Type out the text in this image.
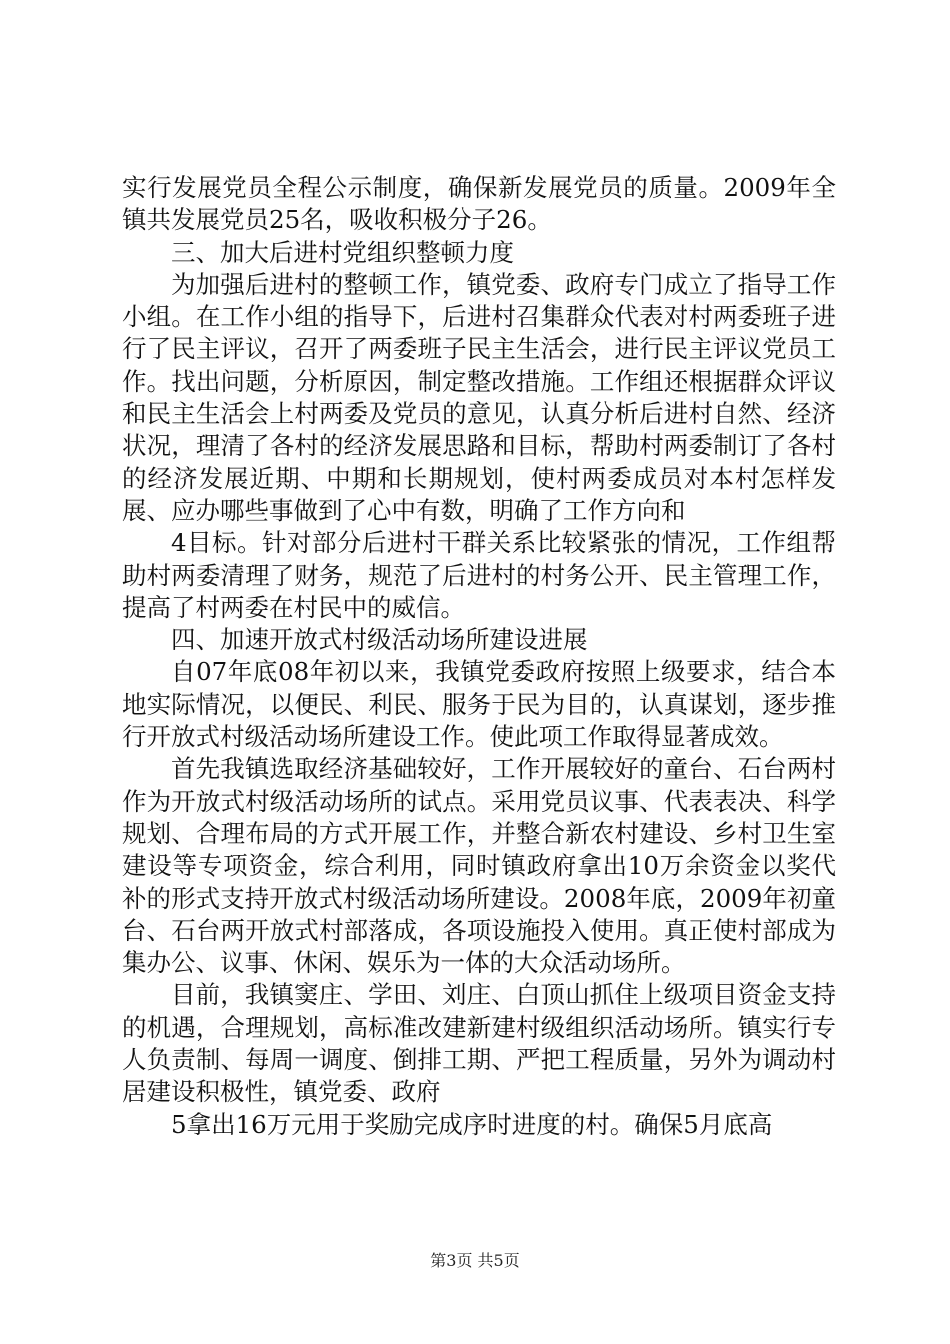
实行发展党员全程公示制度，确保新发展党员的质量。2009年全镇共发展党员25名，吸收积极分子26。

三、加大后进村党组织整顿力度

为加强后进村的整顿工作，镇党委、政府专门成立了指导工作小组。在工作小组的指导下，后进村召集群众代表对村两委班子进行了民主评议，召开了两委班子民主生活会，进行民主评议党员工作。找出问题，分析原因，制定整改措施。工作组还根据群众评议和民主生活会上村两委及党员的意见，认真分析后进村自然、经济状况，理清了各村的经济发展思路和目标，帮助村两委制订了各村的经济发展近期、中期和长期规划，使村两委成员对本村怎样发展、应办哪些事做到了心中有数，明确了工作方向和

4目标。针对部分后进村干群关系比较紧张的情况，工作组帮助村两委清理了财务，规范了后进村的村务公开、民主管理工作，提高了村两委在村民中的威信。

四、加速开放式村级活动场所建设进展

自07年底08年初以来，我镇党委政府按照上级要求，结合本地实际情况，以便民、利民、服务于民为目的，认真谋划，逐步推行开放式村级活动场所建设工作。使此项工作取得显著成效。

首先我镇选取经济基础较好，工作开展较好的童台、石台两村作为开放式村级活动场所的试点。采用党员议事、代表表决、科学规划、合理布局的方式开展工作，并整合新农村建设、乡村卫生室建设等专项资金，综合利用，同时镇政府拿出10万余资金以奖代补的形式支持开放式村级活动场所建设。2008年底，2009年初童台、石台两开放式村部落成，各项设施投入使用。真正使村部成为集办公、议事、休闲、娱乐为一体的大众活动场所。

目前，我镇窦庄、学田、刘庄、白顶山抓住上级项目资金支持的机遇，合理规划，高标准改建新建村级组织活动场所。镇实行专人负责制、每周一调度、倒排工期、严把工程质量，另外为调动村居建设积极性，镇党委、政府

5拿出16万元用于奖励完成序时进度的村。确保5月底高

第3页 共5页
